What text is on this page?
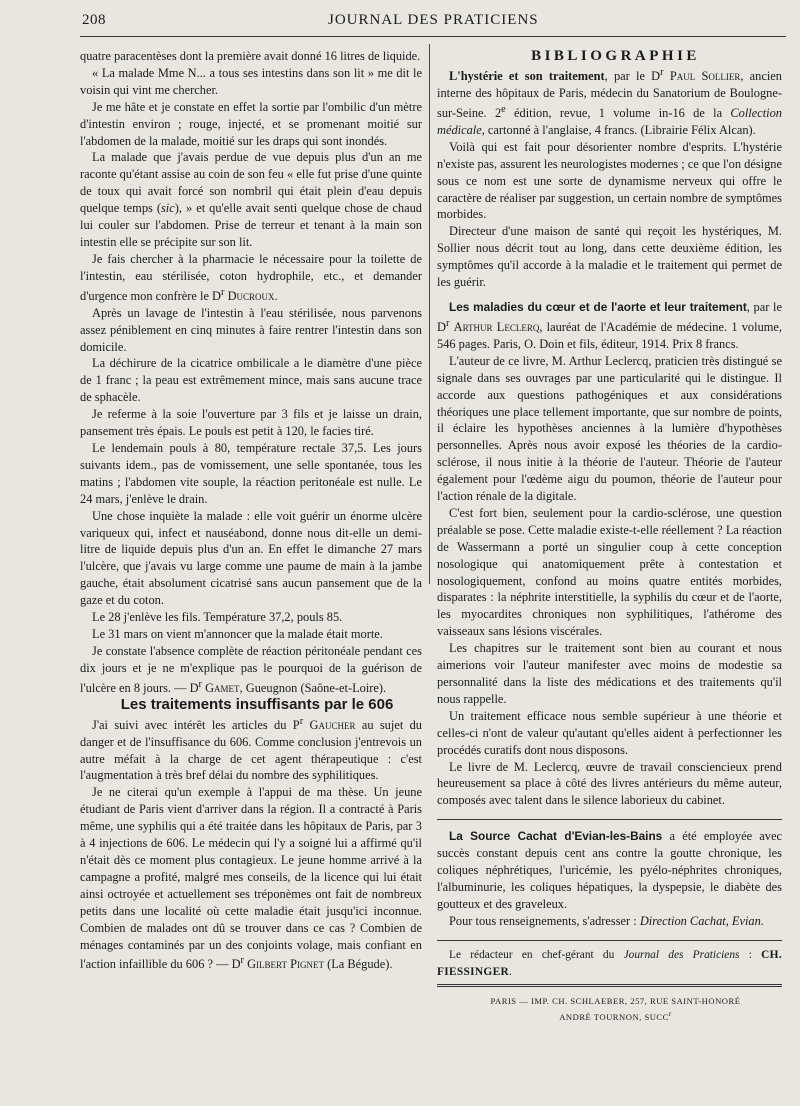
208	JOURNAL DES PRATICIENS

quatre paracentèses dont la première avait donné 16 litres de liquide.

« La malade Mme N... a tous ses intestins dans son lit » me dit le voisin qui vint me chercher.

Je me hâte et je constate en effet la sortie par l'ombilic d'un mètre d'intestin environ ; rouge, injecté, et se promenant moitié sur l'abdomen de la malade, moitié sur les draps qui sont inondés.

La malade que j'avais perdue de vue depuis plus d'un an me raconte qu'étant assise au coin de son feu « elle fut prise d'une quinte de toux qui avait forcé son nombril qui était plein d'eau depuis quelque temps (sic), » et qu'elle avait senti quelque chose de chaud lui couler sur l'abdomen. Prise de terreur et tenant à la main son intestin elle se précipite sur son lit.

Je fais chercher à la pharmacie le nécessaire pour la toilette de l'intestin, eau stérilisée, coton hydrophile, etc., et demander d'urgence mon confrère le $D^r$ Ducroux.

Après un lavage de l'intestin à l'eau stérilisée, nous parvenons assez péniblement en cinq minutes à faire rentrer l'intestin dans son domicile.

La déchirure de la cicatrice ombilicale a le diamètre d'une pièce de 1 franc ; la peau est extrêmement mince, mais sans aucune trace de sphacèle.

Je referme à la soie l'ouverture par 3 fils et je laisse un drain, pansement très épais. Le pouls est petit à 120, le facies tiré.

Le lendemain pouls à 80, température rectale 37,5. Les jours suivants idem., pas de vomissement, une selle spontanée, tous les matins ; l'abdomen vite souple, la réaction peritonéale est nulle. Le 24 mars, j'enlève le drain.

Une chose inquiète la malade : elle voit guérir un énorme ulcère variqueux qui, infect et nauséabond, donne nous dit-elle un demi-litre de liquide depuis plus d'un an. En effet le dimanche 27 mars l'ulcère, que j'avais vu large comme une paume de main à la jambe gauche, était absolument cicatrisé sans aucun pansement que de la gaze et du coton.

Le 28 j'enlève les fils. Température 37,2, pouls 85.

Le 31 mars on vient m'annoncer que la malade était morte.

Je constate l'absence complète de réaction péritonéale pendant ces dix jours et je ne m'explique pas le pourquoi de la guérison de l'ulcère en 8 jours. — $D^r$ Gamet, Gueugnon (Saône-et-Loire).

Les traitements insuffisants par le 606

J'ai suivi avec intérêt les articles du $P^r$ Gaucher au sujet du danger et de l'insuffisance du 606. Comme conclusion j'entrevois un autre méfait à la charge de cet agent thérapeutique : c'est l'augmentation à très bref délai du nombre des syphilitiques.

Je ne citerai qu'un exemple à l'appui de ma thèse. Un jeune étudiant de Paris vient d'arriver dans la région. Il a contracté à Paris même, une syphilis qui a été traitée dans les hôpitaux de Paris, par 3 à 4 injections de 606. Le médecin qui l'y a soigné lui a affirmé qu'il n'était dès ce moment plus contagieux. Le jeune homme arrivé à la campagne a profité, malgré mes conseils, de la licence qui lui était ainsi octroyée et actuellement ses tréponèmes ont fait de nombreux petits dans une localité où cette maladie était jusqu'ici inconnue. Combien de malades ont dû se trouver dans ce cas ? Combien de ménages contaminés par un des conjoints volage, mais confiant en l'action infaillible du 606 ? — $D^r$ Gilbert Pignet (La Bégude).

BIBLIOGRAPHIE

L'hystérie et son traitement, par le $D^r$ Paul Sollier, ancien interne des hôpitaux de Paris, médecin du Sanatorium de Boulogne-sur-Seine. 2e édition, revue, 1 volume in-16 de la Collection médicale, cartonné à l'anglaise, 4 francs. (Librairie Félix Alcan).

Voilà qui est fait pour désorienter nombre d'esprits. L'hystérie n'existe pas, assurent les neurologistes modernes ; ce que l'on désigne sous ce nom est une sorte de dynamisme nerveux qui offre le caractère de réaliser par suggestion, un certain nombre de symptômes morbides.

Directeur d'une maison de santé qui reçoit les hystériques, M. Sollier nous décrit tout au long, dans cette deuxième édition, les symptômes qu'il accorde à la maladie et le traitement qui permet de les guérir.

Les maladies du cœur et de l'aorte et leur traitement, par le $D^r$ Arthur Leclerq, lauréat de l'Académie de médecine. 1 volume, 546 pages. Paris, O. Doin et fils, éditeur, 1914. Prix 8 francs.

L'auteur de ce livre, M. Arthur Leclercq, praticien très distingué se signale dans ses ouvrages par une particularité qui le distingue. Il accorde aux questions pathogéniques et aux considérations théoriques une place tellement importante, que sur nombre de points, il éclaire les hypothèses anciennes à la lumière d'hypothèses personnelles. Après nous avoir exposé les théories de la cardio-sclérose, il nous initie à la théorie de l'auteur. Théorie de l'auteur également pour l'œdème aigu du poumon, théorie de l'auteur pour l'action rénale de la digitale.

C'est fort bien, seulement pour la cardio-sclérose, une question préalable se pose. Cette maladie existe-t-elle réellement ? La réaction de Wassermann a porté un singulier coup à cette conception nosologique qui anatomiquement prête à contestation et nosologiquement, confond au moins quatre entités morbides, disparates : la néphrite interstitielle, la syphilis du cœur et de l'aorte, les myocardites chroniques non syphilitiques, l'athérome des vaisseaux sans lésions viscérales.

Les chapitres sur le traitement sont bien au courant et nous aimerions voir l'auteur manifester avec moins de modestie sa personnalité dans la liste des médications et des traitements qu'il nous rappelle.

Un traitement efficace nous semble supérieur à une théorie et celles-ci n'ont de valeur qu'autant qu'elles aident à perfectionner les procédés curatifs dont nous disposons.

Le livre de M. Leclercq, œuvre de travail consciencieux prend heureusement sa place à côté des livres antérieurs du même auteur, composés avec talent dans le silence laborieux du cabinet.

La Source Cachat d'Evian-les-Bains a été employée avec succès constant depuis cent ans contre la goutte chronique, les coliques néphrétiques, l'uricémie, les pyélo-néphrites chroniques, l'albuminurie, les coliques hépatiques, la dyspepsie, le diabète des goutteux et des graveleux.

Pour tous renseignements, s'adresser : Direction Cachat, Evian.

Le rédacteur en chef-gérant du Journal des Praticiens : CH. FIESSINGER.

PARIS — IMP. CH. SCHLAEBER, 257, RUE SAINT-HONORÉ

ANDRÉ TOURNON, SUCC$^r$
